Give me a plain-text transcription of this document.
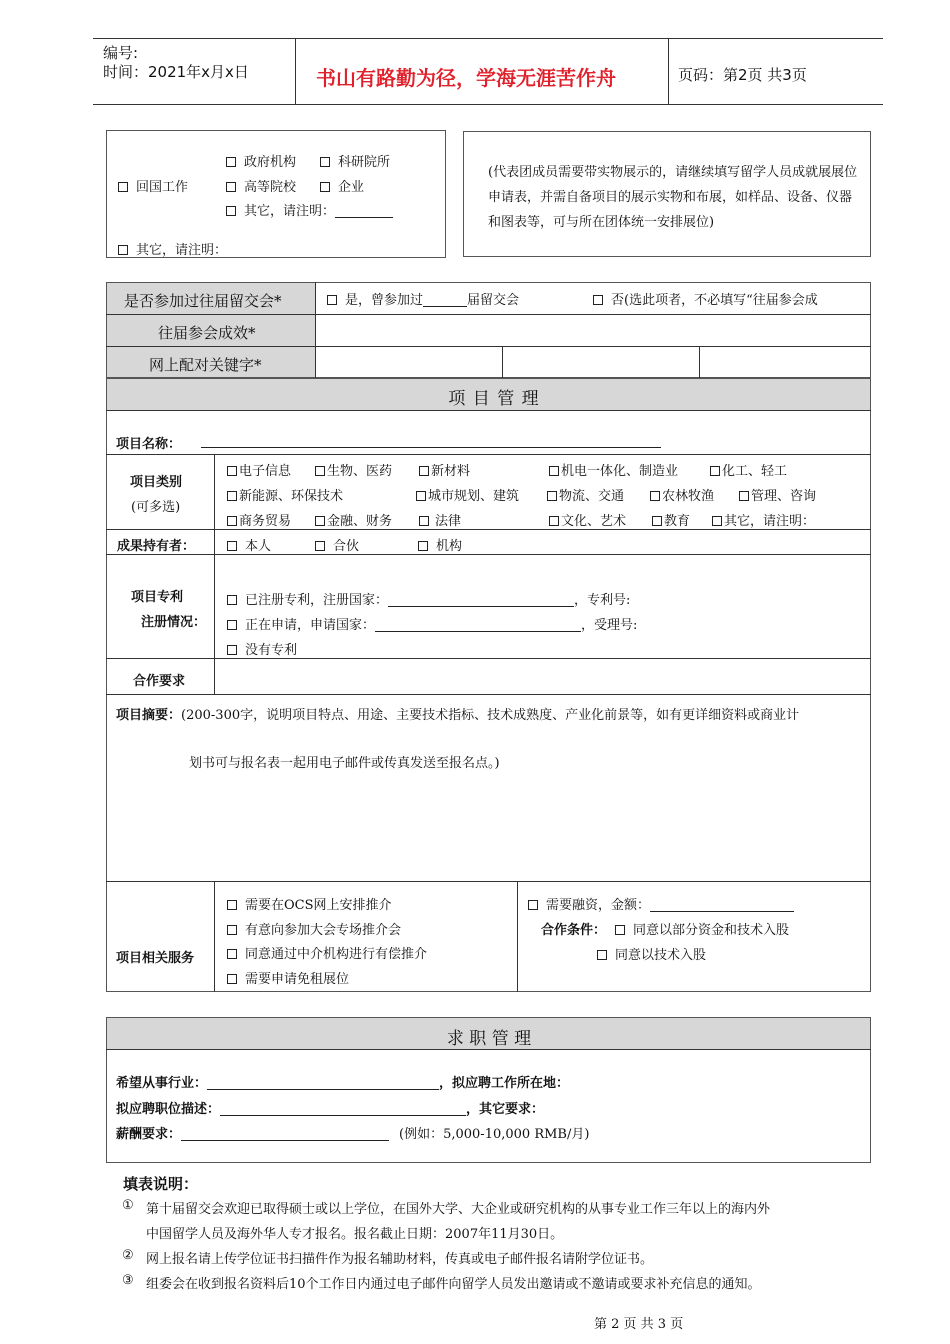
编号:
时间：2021年x月x日	书山有路勤为径，学海无涯苦作舟	页码：第2页 共3页
回国工作
政府机构	科研院所
高等院校	企业
其它，请注明：
其它，请注明：
(代表团成员需要带实物展示的，请继续填写留学人员成就展展位申请表，并需自备项目的展示实物和布展，如样品、设备、仪器和图表等，可与所在团体统一安排展位)
是否参加过往届留交会*
往届参会成效*
网上配对关键字*
是，曾参加过	届留交会	否(选此项者，不必填写“往届参会成
项 目 管 理
项目名称：
项目类别
(可多选)
电子信息	生物、医药	新材料	机电一体化、制造业	化工、轻工
新能源、环保技术	城市规划、建筑	物流、交通	农林牧渔	管理、咨询
商务贸易	金融、财务	法律	文化、艺术	教育	其它，请注明：
成果持有者：	本人	合伙	机构
项目专利
注册情况：
已注册专利，注册国家：	，专利号:
正在申请，申请国家：	，受理号:
没有专利
合作要求
项目摘要：(200-300字，说明项目特点、用途、主要技术指标、技术成熟度、产业化前景等，如有更详细资料或商业计
划书可与报名表一起用电子邮件或传真发送至报名点。)
项目相关服务
需要在OCS网上安排推介
有意向参加大会专场推介会
同意通过中介机构进行有偿推介
需要申请免租展位
需要融资，金额：
合作条件：	同意以部分资金和技术入股
同意以技术入股
求 职 管 理
希望从事行业：	，拟应聘工作所在地：
拟应聘职位描述：	，其它要求：
薪酬要求：	(例如：5,000-10,000 RMB/月)
填表说明：
① 第十届留交会欢迎已取得硕士或以上学位，在国外大学、大企业或研究机构的从事专业工作三年以上的海内外
中国留学人员及海外华人专才报名。报名截止日期：2007年11月30日。
② 网上报名请上传学位证书扫描件作为报名辅助材料，传真或电子邮件报名请附学位证书。
③ 组委会在收到报名资料后10个工作日内通过电子邮件向留学人员发出邀请或不邀请或要求补充信息的通知。
第 2 页 共 3 页
